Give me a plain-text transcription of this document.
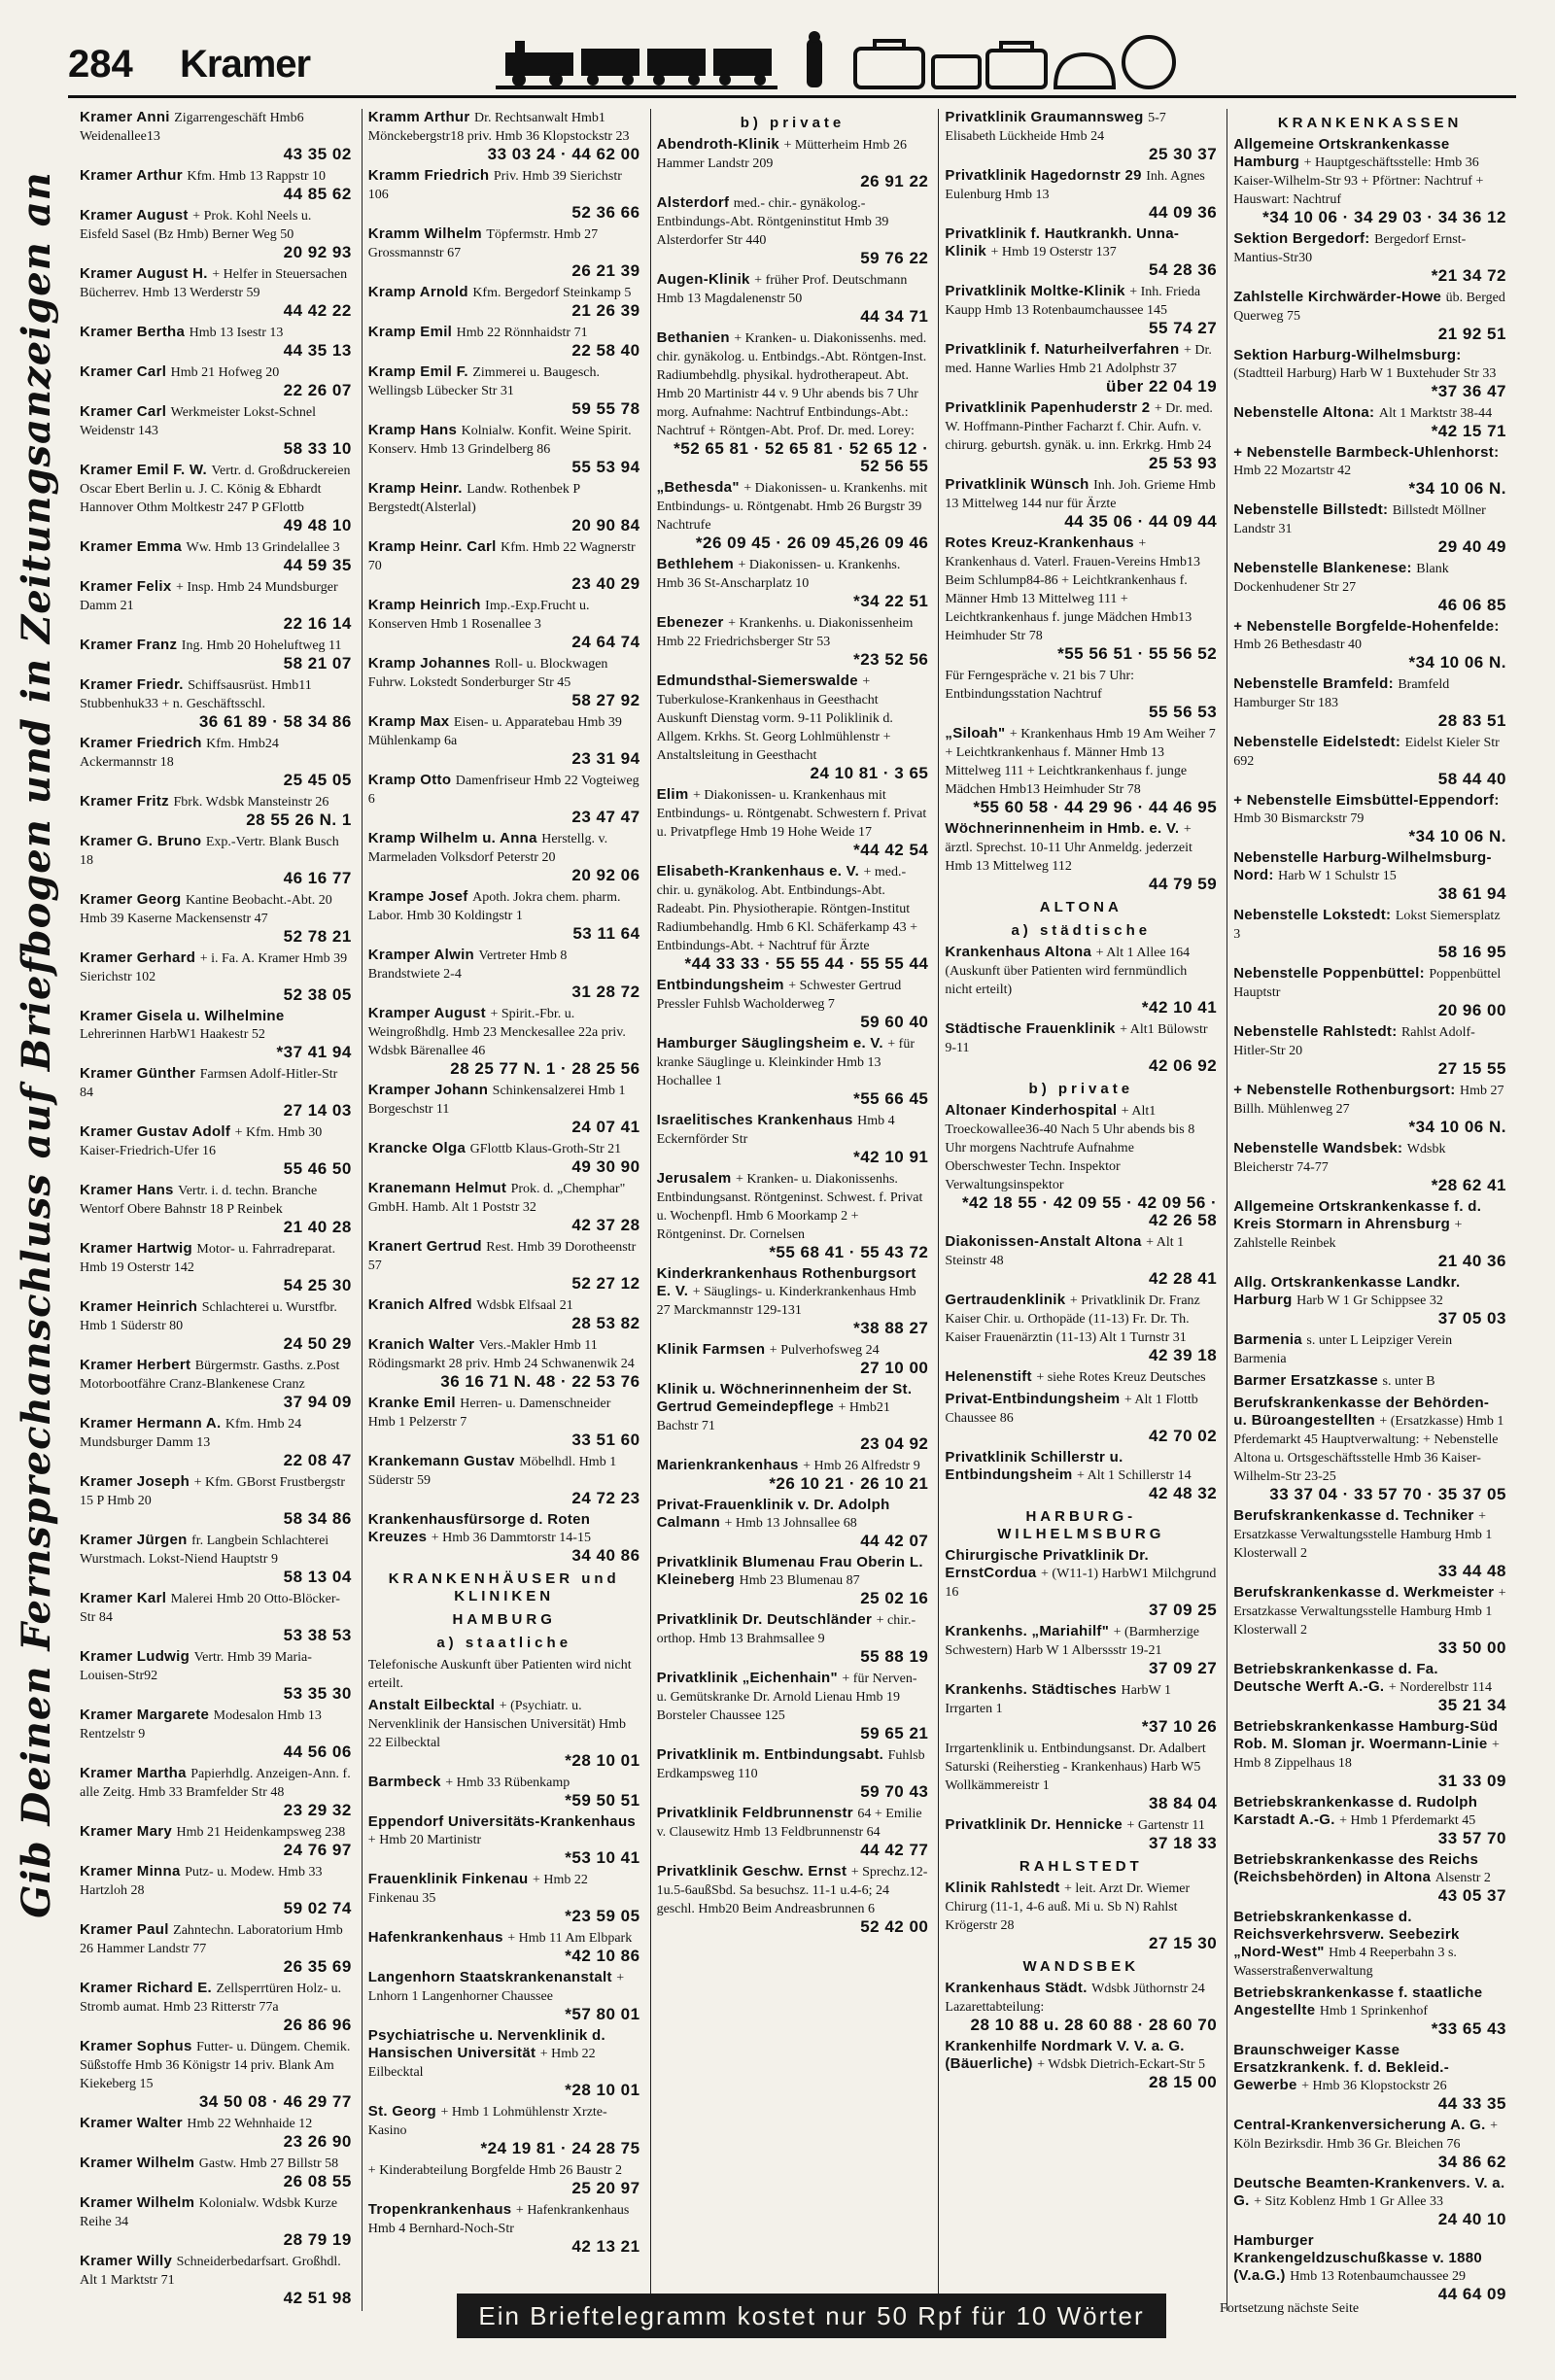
284 Kramer
Gib Deinen Fernsprechanschluss auf Briefbogen und in Zeitungsanzeigen an
Kramer Anni Zigarrengeschäft Hmb6 Weidenallee13
43 35 02
Kramer Arthur Kfm. Hmb 13 Rappstr 10
44 85 62
Kramer August + Prok. Kohl Neels u. Eisfeld Sasel (Bz Hmb) Berner Weg 50
20 92 93
Kramer August H. + Helfer in Steuersachen Bücherrev. Hmb 13 Werderstr 59
44 42 22
Kramer Bertha Hmb 13 Isestr 13
44 35 13
Kramer Carl Hmb 21 Hofweg 20
22 26 07
Kramer Carl Werkmeister Lokst-Schnel Weidenstr 143
58 33 10
Kramer Emil F. W. Vertr. d. Großdruckereien Oscar Ebert Berlin u. J. C. König & Ebhardt Hannover Othm Moltkestr 247 P GFlottb
49 48 10
Kramer Emma Ww. Hmb 13 Grindelallee 3
44 59 35
Kramer Felix + Insp. Hmb 24 Mundsburger Damm 21
22 16 14
Kramer Franz Ing. Hmb 20 Hoheluftweg 11
58 21 07
Kramer Friedr. Schiffsausrüst. Hmb11 Stubbenhuk33 + n. Geschäftsschl.
36 61 89 · 58 34 86
Kramer Friedrich Kfm. Hmb24 Ackermannstr 18
25 45 05
Kramer Fritz Fbrk. Wdsbk Mansteinstr 26
28 55 26 N. 1
Kramer G. Bruno Exp.-Vertr. Blank Busch 18
46 16 77
Kramer Georg Kantine Beobacht.-Abt. 20 Hmb 39 Kaserne Mackensenstr 47
52 78 21
Kramer Gerhard + i. Fa. A. Kramer Hmb 39 Sierichstr 102
52 38 05
Kramer Gisela u. Wilhelmine Lehrerinnen HarbW1 Haakestr 52
*37 41 94
Kramer Günther Farmsen Adolf-Hitler-Str 84
27 14 03
Kramer Gustav Adolf + Kfm. Hmb 30 Kaiser-Friedrich-Ufer 16
55 46 50
Kramer Hans Vertr. i. d. techn. Branche Wentorf Obere Bahnstr 18 P Reinbek
21 40 28
Kramer Hartwig Motor- u. Fahrradreparat. Hmb 19 Osterstr 142
54 25 30
Kramer Heinrich Schlachterei u. Wurstfbr. Hmb 1 Süderstr 80
24 50 29
Kramer Herbert Bürgermstr. Gasths. z.Post Motorbootfähre Cranz-Blankenese Cranz
37 94 09
Kramer Hermann A. Kfm. Hmb 24 Mundsburger Damm 13
22 08 47
Kramer Joseph + Kfm. GBorst Frustbergstr 15 P Hmb 20
58 34 86
Kramer Jürgen fr. Langbein Schlachterei Wurstmach. Lokst-Niend Hauptstr 9
58 13 04
Kramer Karl Malerei Hmb 20 Otto-Blöcker-Str 84
53 38 53
Kramer Ludwig Vertr. Hmb 39 Maria-Louisen-Str92
53 35 30
Kramer Margarete Modesalon Hmb 13 Rentzelstr 9
44 56 06
Kramer Martha Papierhdlg. Anzeigen-Ann. f. alle Zeitg. Hmb 33 Bramfelder Str 48
23 29 32
Kramer Mary Hmb 21 Heidenkampsweg 238
24 76 97
Kramer Minna Putz- u. Modew. Hmb 33 Hartzloh 28
59 02 74
Kramer Paul Zahntechn. Laboratorium Hmb 26 Hammer Landstr 77
26 35 69
Kramer Richard E. Zellsperrtüren Holz- u. Stromb aumat. Hmb 23 Ritterstr 77a
26 86 96
Kramer Sophus Futter- u. Düngem. Chemik. Süßstoffe Hmb 36 Königstr 14 priv. Blank Am Kiekeberg 15
34 50 08 · 46 29 77
Kramer Walter Hmb 22 Wehnhaide 12
23 26 90
Kramer Wilhelm Gastw. Hmb 27 Billstr 58
26 08 55
Kramer Wilhelm Kolonialw. Wdsbk Kurze Reihe 34
28 79 19
Kramer Willy Schneiderbedarfsart. Großhdl. Alt 1 Marktstr 71
42 51 98
Kramm Arthur Dr. Rechtsanwalt Hmb1 Mönckebergstr18 priv. Hmb 36 Klopstockstr 23
33 03 24 · 44 62 00
Kramm Friedrich Priv. Hmb 39 Sierichstr 106
52 36 66
Kramm Wilhelm Töpfermstr. Hmb 27 Grossmannstr 67
26 21 39
Kramp Arnold Kfm. Bergedorf Steinkamp 5
21 26 39
Kramp Emil Hmb 22 Rönnhaidstr 71
22 58 40
Kramp Emil F. Zimmerei u. Baugesch. Wellingsb Lübecker Str 31
59 55 78
Kramp Hans Kolnialw. Konfit. Weine Spirit. Konserv. Hmb 13 Grindelberg 86
55 53 94
Kramp Heinr. Landw. Rothenbek P Bergstedt(Alsterlal)
20 90 84
Kramp Heinr. Carl Kfm. Hmb 22 Wagnerstr 70
23 40 29
Kramp Heinrich Imp.-Exp.Frucht u. Konserven Hmb 1 Rosenallee 3
24 64 74
Kramp Johannes Roll- u. Blockwagen Fuhrw. Lokstedt Sonderburger Str 45
58 27 92
Kramp Max Eisen- u. Apparatebau Hmb 39 Mühlenkamp 6a
23 31 94
Kramp Otto Damenfriseur Hmb 22 Vogteiweg 6
23 47 47
Kramp Wilhelm u. Anna Herstellg. v. Marmeladen Volksdorf Peterstr 20
20 92 06
Krampe Josef Apoth. Jokra chem. pharm. Labor. Hmb 30 Koldingstr 1
53 11 64
Kramper Alwin Vertreter Hmb 8 Brandstwiete 2-4
31 28 72
Kramper August + Spirit.-Fbr. u. Weingroßhdlg. Hmb 23 Menckesallee 22a priv. Wdsbk Bärenallee 46
28 25 77 N. 1 · 28 25 56
Kramper Johann Schinkensalzerei Hmb 1 Borgeschstr 11
24 07 41
Krancke Olga GFlottb Klaus-Groth-Str 21
49 30 90
Kranemann Helmut Prok. d. „Chemphar" GmbH. Hamb. Alt 1 Poststr 32
42 37 28
Kranert Gertrud Rest. Hmb 39 Dorotheenstr 57
52 27 12
Kranich Alfred Wdsbk Elfsaal 21
28 53 82
Kranich Walter Vers.-Makler Hmb 11 Rödingsmarkt 28 priv. Hmb 24 Schwanenwik 24
36 16 71 N. 48 · 22 53 76
Kranke Emil Herren- u. Damenschneider Hmb 1 Pelzerstr 7
33 51 60
Krankemann Gustav Möbelhdl. Hmb 1 Süderstr 59
24 72 23
Krankenhausfürsorge d. Roten Kreuzes + Hmb 36 Dammtorstr 14-15
34 40 86
KRANKENHÄUSER und KLINIKEN
HAMBURG
a) staatliche
Telefonische Auskunft über Patienten wird nicht erteilt.
Anstalt Eilbecktal + (Psychiatr. u. Nervenklinik der Hansischen Universität) Hmb 22 Eilbecktal
*28 10 01
Barmbeck + Hmb 33 Rübenkamp
*59 50 51
Eppendorf Universitäts-Krankenhaus + Hmb 20 Martinistr
*53 10 41
Frauenklinik Finkenau + Hmb 22 Finkenau 35
*23 59 05
Hafenkrankenhaus + Hmb 11 Am Elbpark
*42 10 86
Langenhorn Staatskrankenanstalt + Lnhorn 1 Langenhorner Chaussee
*57 80 01
Psychiatrische u. Nervenklinik d. Hansischen Universität + Hmb 22 Eilbecktal
*28 10 01
St. Georg + Hmb 1 Lohmühlenstr Xrzte-Kasino
*24 19 81 · 24 28 75
+ Kinderabteilung Borgfelde Hmb 26 Baustr 2
25 20 97
Tropenkrankenhaus + Hafenkrankenhaus Hmb 4 Bernhard-Noch-Str
42 13 21
b) private
Abendroth-Klinik + Mütterheim Hmb 26 Hammer Landstr 209
26 91 22
Alsterdorf med.- chir.- gynäkolog.-Entbindungs-Abt. Röntgeninstitut Hmb 39 Alsterdorfer Str 440
59 76 22
Augen-Klinik + früher Prof. Deutschmann Hmb 13 Magdalenenstr 50
44 34 71
Bethanien + Kranken- u. Diakonissenhs. med. chir. gynäkolog. u. Entbindgs.-Abt. Röntgen-Inst. Radiumbehdlg. physikal. hydrotherapeut. Abt. Hmb 20 Martinistr 44 v. 9 Uhr abends bis 7 Uhr morg. Aufnahme: Nachtruf Entbindungs-Abt.: Nachtruf + Röntgen-Abt. Prof. Dr. med. Lorey:
*52 65 81 · 52 65 81 · 52 65 12 · 52 56 55
„Bethesda" + Diakonissen- u. Krankenhs. mit Entbindungs- u. Röntgenabt. Hmb 26 Burgstr 39 Nachtrufe
*26 09 45 · 26 09 45,26 09 46
Bethlehem + Diakonissen- u. Krankenhs. Hmb 36 St-Anscharplatz 10
*34 22 51
Ebenezer + Krankenhs. u. Diakonissenheim Hmb 22 Friedrichsberger Str 53
*23 52 56
Edmundsthal-Siemerswalde + Tuberkulose-Krankenhaus in Geesthacht Auskunft Dienstag vorm. 9-11 Poliklinik d. Allgem. Krkhs. St. Georg Lohlmühlenstr + Anstaltsleitung in Geesthacht
24 10 81 · 3 65
Elim + Diakonissen- u. Krankenhaus mit Entbindungs- u. Röntgenabt. Schwestern f. Privat u. Privatpflege Hmb 19 Hohe Weide 17
*44 42 54
Elisabeth-Krankenhaus e. V. + med.-chir. u. gynäkolog. Abt. Entbindungs-Abt. Radeabt. Pin. Physiotherapie. Röntgen-Institut Radiumbehandlg. Hmb 6 Kl. Schäferkamp 43 + Entbindungs-Abt. + Nachtruf für Ärzte
*44 33 33 · 55 55 44 · 55 55 44
Entbindungsheim + Schwester Gertrud Pressler Fuhlsb Wacholderweg 7
59 60 40
Hamburger Säuglingsheim e. V. + für kranke Säuglinge u. Kleinkinder Hmb 13 Hochallee 1
*55 66 45
Israelitisches Krankenhaus Hmb 4 Eckernförder Str
*42 10 91
Jerusalem + Kranken- u. Diakonissenhs. Entbindungsanst. Röntgeninst. Schwest. f. Privat u. Wochenpfl. Hmb 6 Moorkamp 2 + Röntgeninst. Dr. Cornelsen
*55 68 41 · 55 43 72
Kinderkrankenhaus Rothenburgsort E. V. + Säuglings- u. Kinderkrankenhaus Hmb 27 Marckmannstr 129-131
*38 88 27
Klinik Farmsen + Pulverhofsweg 24
27 10 00
Klinik u. Wöchnerinnenheim der St. Gertrud Gemeindepflege + Hmb21 Bachstr 71
23 04 92
Marienkrankenhaus + Hmb 26 Alfredstr 9
*26 10 21 · 26 10 21
Privat-Frauenklinik v. Dr. Adolph Calmann + Hmb 13 Johnsallee 68
44 42 07
Privatklinik Blumenau Frau Oberin L. Kleineberg Hmb 23 Blumenau 87
25 02 16
Privatklinik Dr. Deutschländer + chir.-orthop. Hmb 13 Brahmsallee 9
55 88 19
Privatklinik „Eichenhain" + für Nerven- u. Gemütskranke Dr. Arnold Lienau Hmb 19 Borsteler Chaussee 125
59 65 21
Privatklinik m. Entbindungsabt. Fuhlsb Erdkampsweg 110
59 70 43
Privatklinik Feldbrunnenstr 64 + Emilie v. Clausewitz Hmb 13 Feldbrunnenstr 64
44 42 77
Privatklinik Geschw. Ernst + Sprechz.12-1u.5-6außSbd. Sa besuchsz. 11-1 u.4-6; 24 geschl. Hmb20 Beim Andreasbrunnen 6
52 42 00
Privatklinik Graumannsweg 5-7 Elisabeth Lückheide Hmb 24
25 30 37
Privatklinik Hagedornstr 29 Inh. Agnes Eulenburg Hmb 13
44 09 36
Privatklinik f. Hautkrankh. Unna-Klinik + Hmb 19 Osterstr 137
54 28 36
Privatklinik Moltke-Klinik + Inh. Frieda Kaupp Hmb 13 Rotenbaumchaussee 145
55 74 27
Privatklinik f. Naturheilverfahren + Dr. med. Hanne Warlies Hmb 21 Adolphstr 37
über 22 04 19
Privatklinik Papenhuderstr 2 + Dr. med. W. Hoffmann-Pinther Facharzt f. Chir. Aufn. v. chirurg. geburtsh. gynäk. u. inn. Erkrkg. Hmb 24
25 53 93
Privatklinik Wünsch Inh. Joh. Grieme Hmb 13 Mittelweg 144 nur für Ärzte
44 35 06 · 44 09 44
Rotes Kreuz-Krankenhaus + Krankenhaus d. Vaterl. Frauen-Vereins Hmb13 Beim Schlump84-86 + Leichtkrankenhaus f. Männer Hmb 13 Mittelweg 111 + Leichtkrankenhaus f. junge Mädchen Hmb13 Heimhuder Str 78
*55 56 51 · 55 56 52
Für Ferngespräche v. 21 bis 7 Uhr: Entbindungsstation Nachtruf
55 56 53
„Siloah" + Krankenhaus Hmb 19 Am Weiher 7 + Leichtkrankenhaus f. Männer Hmb 13 Mittelweg 111 + Leichtkrankenhaus f. junge Mädchen Hmb13 Heimhuder Str 78
*55 60 58 · 44 29 96 · 44 46 95
Wöchnerinnenheim in Hmb. e. V. + ärztl. Sprechst. 10-11 Uhr Anmeldg. jederzeit Hmb 13 Mittelweg 112
44 79 59
ALTONA
a) städtische
Krankenhaus Altona + Alt 1 Allee 164 (Auskunft über Patienten wird fernmündlich nicht erteilt)
*42 10 41
Städtische Frauenklinik + Alt1 Bülowstr 9-11
42 06 92
b) private
Altonaer Kinderhospital + Alt1 Troeckowallee36-40 Nach 5 Uhr abends bis 8 Uhr morgens Nachtrufe Aufnahme Oberschwester Techn. Inspektor Verwaltungsinspektor
*42 18 55 · 42 09 55 · 42 09 56 · 42 26 58
Diakonissen-Anstalt Altona + Alt 1 Steinstr 48
42 28 41
Gertraudenklinik + Privatklinik Dr. Franz Kaiser Chir. u. Orthopäde (11-13) Fr. Dr. Th. Kaiser Frauenärztin (11-13) Alt 1 Turnstr 31
42 39 18
Helenenstift + siehe Rotes Kreuz Deutsches
Privat-Entbindungsheim + Alt 1 Flottb Chaussee 86
42 70 02
Privatklinik Schillerstr u. Entbindungsheim + Alt 1 Schillerstr 14
42 48 32
HARBURG-WILHELMSBURG
Chirurgische Privatklinik Dr. ErnstCordua + (W11-1) HarbW1 Milchgrund 16
37 09 25
Krankenhs. „Mariahilf" + (Barmherzige Schwestern) Harb W 1 Alberssstr 19-21
37 09 27
Krankenhs. Städtisches HarbW 1 Irrgarten 1
*37 10 26
Irrgartenklinik u. Entbindungsanst. Dr. Adalbert Saturski (Reiherstieg - Krankenhaus) Harb W5 Wollkämmereistr 1
38 84 04
Privatklinik Dr. Hennicke + Gartenstr 11
37 18 33
RAHLSTEDT
Klinik Rahlstedt + leit. Arzt Dr. Wiemer Chirurg (11-1, 4-6 auß. Mi u. Sb N) Rahlst Krögerstr 28
27 15 30
WANDSBEK
Krankenhaus Städt. Wdsbk Jüthornstr 24 Lazarettabteilung:
28 10 88 u. 28 60 88 · 28 60 70
Krankenhilfe Nordmark V. V. a. G. (Bäuerliche) + Wdsbk Dietrich-Eckart-Str 5
28 15 00
KRANKENKASSEN
Allgemeine Ortskrankenkasse Hamburg + Hauptgeschäftsstelle: Hmb 36 Kaiser-Wilhelm-Str 93 + Pförtner: Nachtruf + Hauswart: Nachtruf
*34 10 06 · 34 29 03 · 34 36 12
Sektion Bergedorf: Bergedorf Ernst-Mantius-Str30
*21 34 72
Zahlstelle Kirchwärder-Howe üb. Berged Querweg 75
21 92 51
Sektion Harburg-Wilhelmsburg: (Stadtteil Harburg) Harb W 1 Buxtehuder Str 33
*37 36 47
Nebenstelle Altona: Alt 1 Marktstr 38-44
*42 15 71
+ Nebenstelle Barmbeck-Uhlenhorst: Hmb 22 Mozartstr 42
*34 10 06 N.
Nebenstelle Billstedt: Billstedt Möllner Landstr 31
29 40 49
Nebenstelle Blankenese: Blank Dockenhudener Str 27
46 06 85
+ Nebenstelle Borgfelde-Hohenfelde: Hmb 26 Bethesdastr 40
*34 10 06 N.
Nebenstelle Bramfeld: Bramfeld Hamburger Str 183
28 83 51
Nebenstelle Eidelstedt: Eidelst Kieler Str 692
58 44 40
+ Nebenstelle Eimsbüttel-Eppendorf: Hmb 30 Bismarckstr 79
*34 10 06 N.
Nebenstelle Harburg-Wilhelmsburg-Nord: Harb W 1 Schulstr 15
38 61 94
Nebenstelle Lokstedt: Lokst Siemersplatz 3
58 16 95
Nebenstelle Poppenbüttel: Poppenbüttel Hauptstr
20 96 00
Nebenstelle Rahlstedt: Rahlst Adolf-Hitler-Str 20
27 15 55
+ Nebenstelle Rothenburgsort: Hmb 27 Billh. Mühlenweg 27
*34 10 06 N.
Nebenstelle Wandsbek: Wdsbk Bleicherstr 74-77
*28 62 41
Allgemeine Ortskrankenkasse f. d. Kreis Stormarn in Ahrensburg + Zahlstelle Reinbek
21 40 36
Allg. Ortskrankenkasse Landkr. Harburg Harb W 1 Gr Schippsee 32
37 05 03
Barmenia s. unter L Leipziger Verein Barmenia
Barmer Ersatzkasse s. unter B
Berufskrankenkasse der Behörden- u. Büroangestellten + (Ersatzkasse) Hmb 1 Pferdemarkt 45 Hauptverwaltung: + Nebenstelle Altona u. Ortsgeschäftsstelle Hmb 36 Kaiser-Wilhelm-Str 23-25
33 37 04 · 33 57 70 · 35 37 05
Berufskrankenkasse d. Techniker + Ersatzkasse Verwaltungsstelle Hamburg Hmb 1 Klosterwall 2
33 44 48
Berufskrankenkasse d. Werkmeister + Ersatzkasse Verwaltungsstelle Hamburg Hmb 1 Klosterwall 2
33 50 00
Betriebskrankenkasse d. Fa. Deutsche Werft A.-G. + Norderelbstr 114
35 21 34
Betriebskrankenkasse Hamburg-Süd Rob. M. Sloman jr. Woermann-Linie + Hmb 8 Zippelhaus 18
31 33 09
Betriebskrankenkasse d. Rudolph Karstadt A.-G. + Hmb 1 Pferdemarkt 45
33 57 70
Betriebskrankenkasse des Reichs (Reichsbehörden) in Altona Alsenstr 2
43 05 37
Betriebskrankenkasse d. Reichsverkehrsverw. Seebezirk „Nord-West" Hmb 4 Reeperbahn 3 s. Wasserstraßenverwaltung
Betriebskrankenkasse f. staatliche Angestellte Hmb 1 Sprinkenhof
*33 65 43
Braunschweiger Kasse Ersatzkrankenk. f. d. Bekleid.-Gewerbe + Hmb 36 Klopstockstr 26
44 33 35
Central-Krankenversicherung A. G. + Köln Bezirksdir. Hmb 36 Gr. Bleichen 76
34 86 62
Deutsche Beamten-Krankenvers. V. a. G. + Sitz Koblenz Hmb 1 Gr Allee 33
24 40 10
Hamburger Krankengeldzuschußkasse v. 1880 (V.a.G.) Hmb 13 Rotenbaumchaussee 29
44 64 09
Ein Brieftelegramm kostet nur 50 Rpf für 10 Wörter	Fortsetzung nächste Seite
